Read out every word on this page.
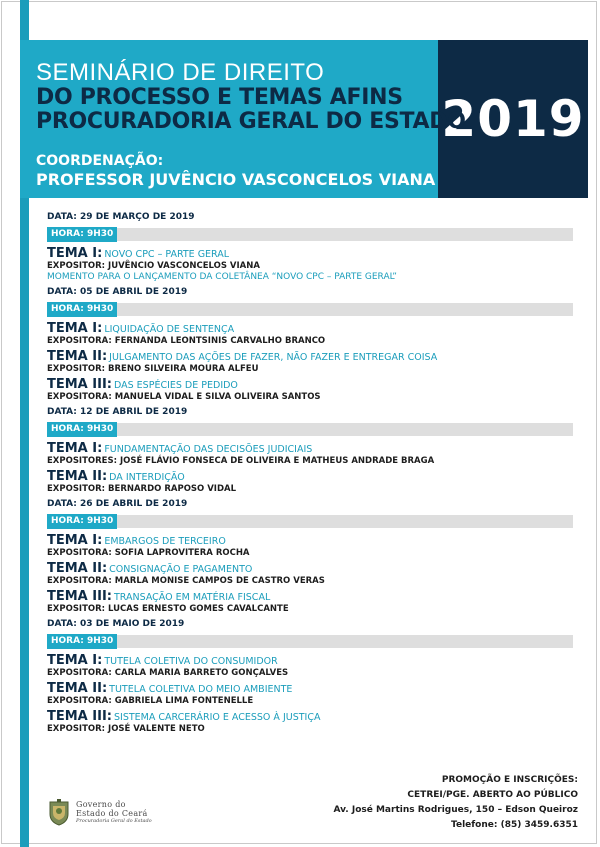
2019
SEMINÁRIO DE DIREITO
DO PROCESSO E TEMAS AFINS
PROCURADORIA GERAL DO ESTADO
COORDENAÇÃO:
PROFESSOR JUVÊNCIO VASCONCELOS VIANA
DATA: 29 DE MARÇO DE 2019
HORA: 9H30
TEMA I: NOVO CPC – PARTE GERAL
EXPOSITOR: JUVÊNCIO VASCONCELOS VIANA
MOMENTO PARA O LANÇAMENTO DA COLETÂNEA “NOVO CPC – PARTE GERAL”
DATA: 05 DE ABRIL DE 2019
HORA: 9H30
TEMA I: LIQUIDAÇÃO DE SENTENÇA
EXPOSITORA: FERNANDA LEONTSINIS CARVALHO BRANCO
TEMA II: JULGAMENTO DAS AÇÕES DE FAZER, NÃO FAZER E ENTREGAR COISA
EXPOSITOR: BRENO SILVEIRA MOURA ALFEU
TEMA III: DAS ESPÉCIES DE PEDIDO
EXPOSITORA: MANUELA VIDAL E SILVA OLIVEIRA SANTOS
DATA: 12 DE ABRIL DE 2019
HORA: 9H30
TEMA I: FUNDAMENTAÇÃO DAS DECISÕES JUDICIAIS
EXPOSITORES: JOSÉ FLÁVIO FONSECA DE OLIVEIRA E MATHEUS ANDRADE BRAGA
TEMA II: DA INTERDIÇÃO
EXPOSITOR: BERNARDO RAPOSO VIDAL
DATA: 26 DE ABRIL DE 2019
HORA: 9H30
TEMA I: EMBARGOS DE TERCEIRO
EXPOSITORA: SOFIA LAPROVITERA ROCHA
TEMA II: CONSIGNAÇÃO E PAGAMENTO
EXPOSITORA: MARLA MONISE CAMPOS DE CASTRO VERAS
TEMA III: TRANSAÇÃO EM MATÉRIA FISCAL
EXPOSITOR: LUCAS ERNESTO GOMES CAVALCANTE
DATA: 03 DE MAIO DE 2019
HORA: 9H30
TEMA I: TUTELA COLETIVA DO CONSUMIDOR
EXPOSITORA: CARLA MARIA BARRETO GONÇALVES
TEMA II: TUTELA COLETIVA DO MEIO AMBIENTE
EXPOSITORA: GABRIELA LIMA FONTENELLE
TEMA III: SISTEMA CARCERÁRIO E ACESSO À JUSTIÇA
EXPOSITOR: JOSÉ VALENTE NETO
PROMOÇÃO E INSCRIÇÕES:
CETREI/PGE. ABERTO AO PÚBLICO
Av. José Martins Rodrigues, 150 – Edson Queiroz
Telefone: (85) 3459.6351
Governo do
Estado do Ceará
Procuradoria Geral do Estado
